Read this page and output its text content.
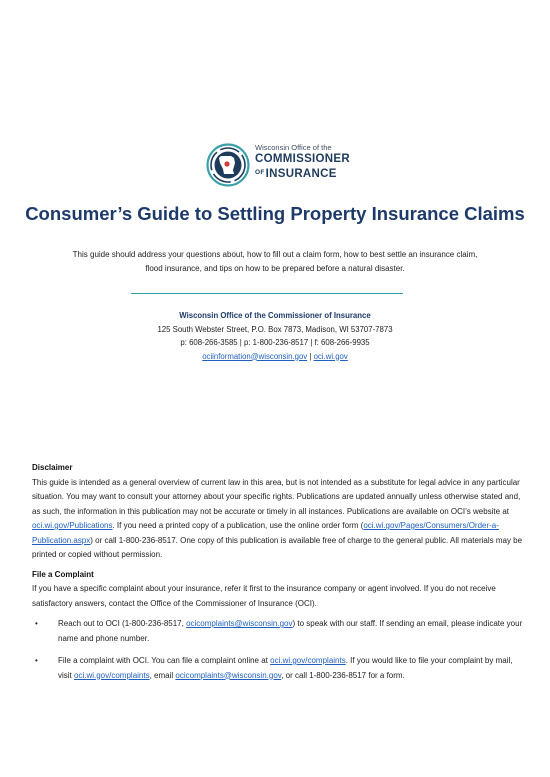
Wisconsin Office of the
COMMISSIONER
$^{OF}$INSURANCE
Consumer’s Guide to Settling Property Insurance Claims
This guide should address your questions about, how to fill out a claim form, how to best settle an insurance claim,
flood insurance, and tips on how to be prepared before a natural disaster.
Wisconsin Office of the Commissioner of Insurance
125 South Webster Street, P.O. Box 7873, Madison, WI 53707-7873
p: 608-266-3585 | p: 1-800-236-8517 | f: 608-266-9935
ociinformation@wisconsin.gov | oci.wi.gov
Disclaimer

This guide is intended as a general overview of current law in this area, but is not intended as a substitute for legal advice in any particular situation. You may want to consult your attorney about your specific rights. Publications are updated annually unless otherwise stated and, as such, the information in this publication may not be accurate or timely in all instances. Publications are available on OCI’s website at oci.wi.gov/Publications. If you need a printed copy of a publication, use the online order form (oci.wi.gov/Pages/Consumers/Order-a-Publication.aspx) or call 1-800-236-8517. One copy of this publication is available free of charge to the general public. All materials may be printed or copied without permission.

File a Complaint

If you have a specific complaint about your insurance, refer it first to the insurance company or agent involved. If you do not receive satisfactory answers, contact the Office of the Commissioner of Insurance (OCI).

•	Reach out to OCI (1-800-236-8517, ocicomplaints@wisconsin.gov) to speak with our staff. If sending an email, please indicate your name and phone number.
•	File a complaint with OCI. You can file a complaint online at oci.wi.gov/complaints. If you would like to file your complaint by mail, visit oci.wi.gov/complaints, email ocicomplaints@wisconsin.gov, or call 1-800-236-8517 for a form.
